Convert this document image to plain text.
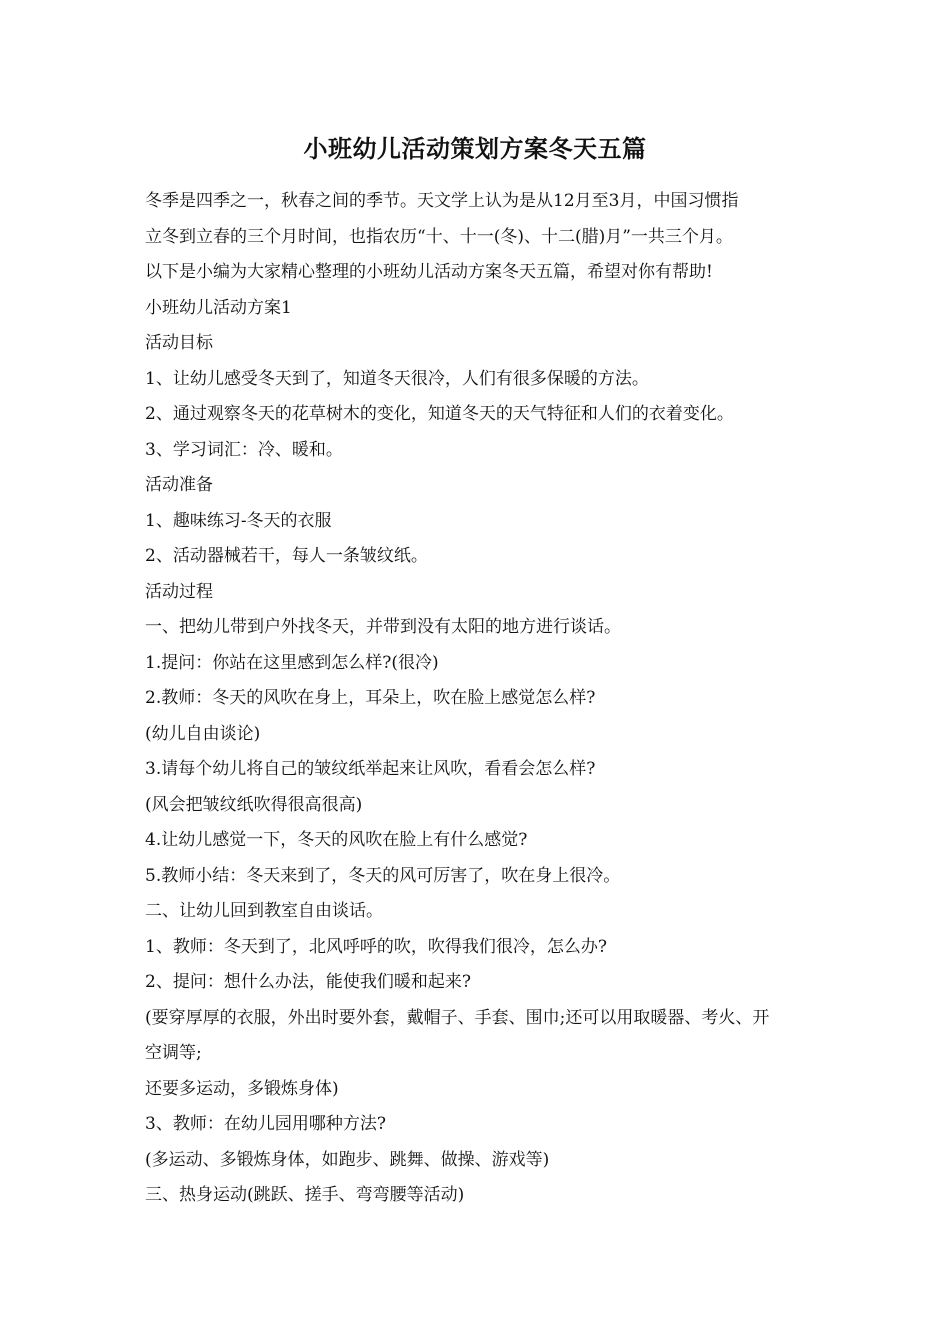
小班幼儿活动策划方案冬天五篇

冬季是四季之一，秋春之间的季节。天文学上认为是从12月至3月，中国习惯指

立冬到立春的三个月时间，也指农历“十、十一(冬)、十二(腊)月”一共三个月。

以下是小编为大家精心整理的小班幼儿活动方案冬天五篇，希望对你有帮助!

小班幼儿活动方案1

活动目标

1、让幼儿感受冬天到了，知道冬天很冷，人们有很多保暖的方法。

2、通过观察冬天的花草树木的变化，知道冬天的天气特征和人们的衣着变化。

3、学习词汇：冷、暖和。

活动准备

1、趣味练习-冬天的衣服

2、活动器械若干，每人一条皱纹纸。

活动过程

一、把幼儿带到户外找冬天，并带到没有太阳的地方进行谈话。

1.提问：你站在这里感到怎么样?(很冷)

2.教师：冬天的风吹在身上，耳朵上，吹在脸上感觉怎么样?

(幼儿自由谈论)

3.请每个幼儿将自己的皱纹纸举起来让风吹，看看会怎么样?

(风会把皱纹纸吹得很高很高)

4.让幼儿感觉一下，冬天的风吹在脸上有什么感觉?

5.教师小结：冬天来到了，冬天的风可厉害了，吹在身上很冷。

二、让幼儿回到教室自由谈话。

1、教师：冬天到了，北风呼呼的吹，吹得我们很冷，怎么办?

2、提问：想什么办法，能使我们暖和起来?

(要穿厚厚的衣服，外出时要外套，戴帽子、手套、围巾;还可以用取暖器、考火、开

空调等;

还要多运动，多锻炼身体)

3、教师：在幼儿园用哪种方法?

(多运动、多锻炼身体，如跑步、跳舞、做操、游戏等)

三、热身运动(跳跃、搓手、弯弯腰等活动)
